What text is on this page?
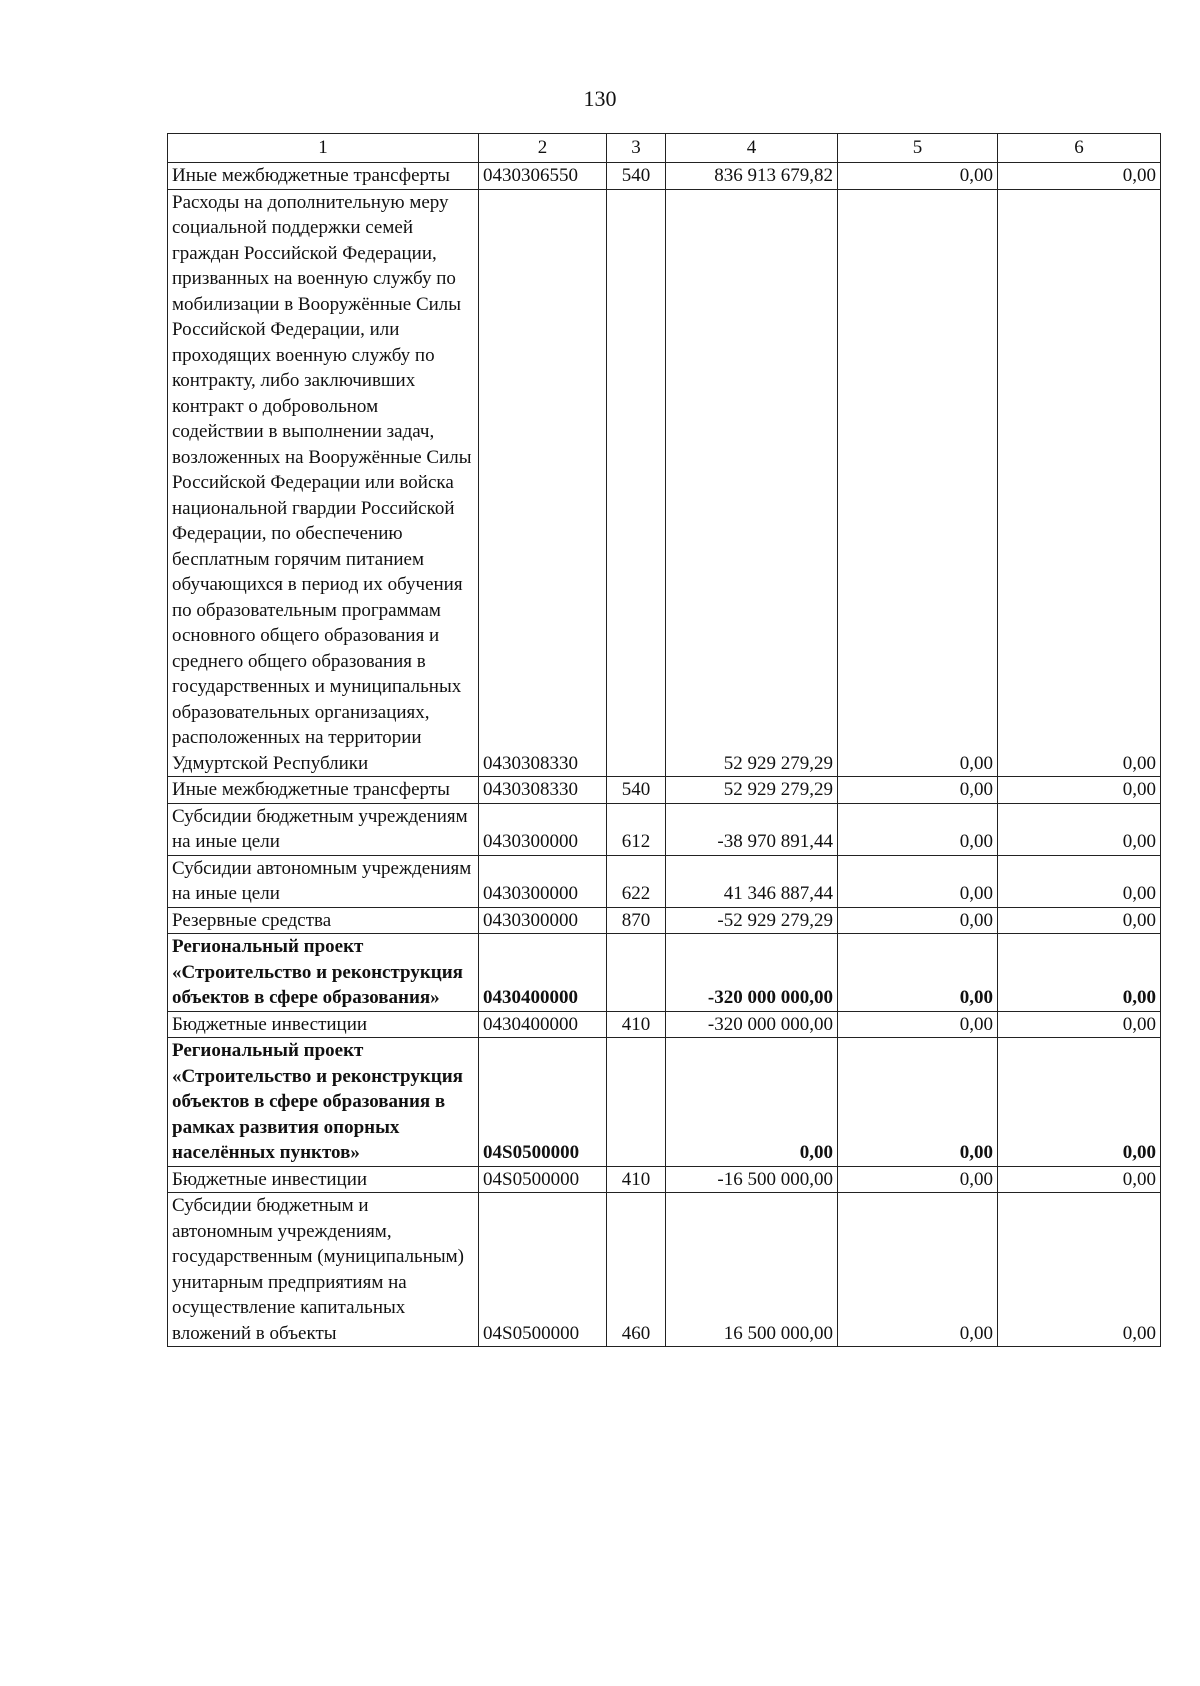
130
1	2	3	4	5	6
Иные межбюджетные трансферты	0430306550	540	836 913 679,82	0,00	0,00
Расходы на дополнительную меру социальной поддержки семей граждан Российской Федерации, призванных на военную службу по мобилизации в Вооружённые Силы Российской Федерации, или проходящих военную службу по контракту, либо заключивших контракт о добровольном содействии в выполнении задач, возложенных на Вооружённые Силы Российской Федерации или войска национальной гвардии Российской Федерации, по обеспечению бесплатным горячим питанием обучающихся в период их обучения по образовательным программам основного общего образования и среднего общего образования в государственных и муниципальных образовательных организациях, расположенных на территории Удмуртской Республики	0430308330		52 929 279,29	0,00	0,00
Иные межбюджетные трансферты	0430308330	540	52 929 279,29	0,00	0,00
Субсидии бюджетным учреждениям на иные цели	0430300000	612	-38 970 891,44	0,00	0,00
Субсидии автономным учреждениям на иные цели	0430300000	622	41 346 887,44	0,00	0,00
Резервные средства	0430300000	870	-52 929 279,29	0,00	0,00
Региональный проект «Строительство и реконструкция объектов в сфере образования»	0430400000		-320 000 000,00	0,00	0,00
Бюджетные инвестиции	0430400000	410	-320 000 000,00	0,00	0,00
Региональный проект «Строительство и реконструкция объектов в сфере образования в рамках развития опорных населённых пунктов»	04S0500000		0,00	0,00	0,00
Бюджетные инвестиции	04S0500000	410	-16 500 000,00	0,00	0,00
Субсидии бюджетным и автономным учреждениям, государственным (муниципальным) унитарным предприятиям на осуществление капитальных вложений в объекты	04S0500000	460	16 500 000,00	0,00	0,00
